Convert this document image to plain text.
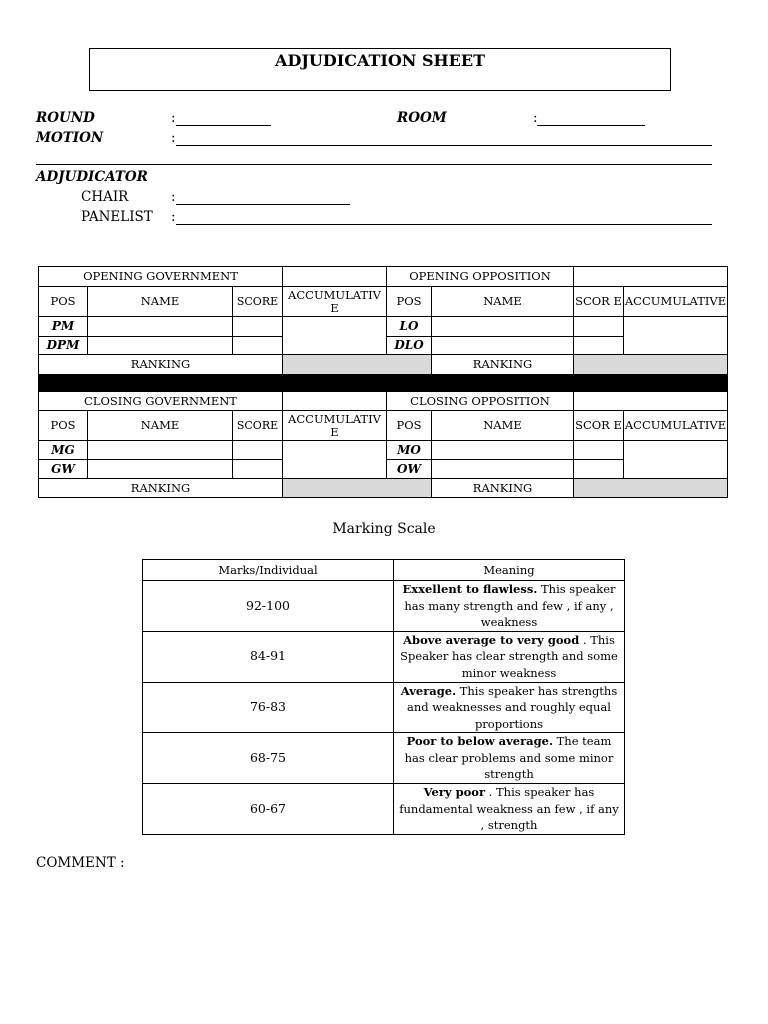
ADJUDICATION SHEET
ROUND	:	ROOM	:
MOTION	:
ADJUDICATOR
CHAIR	:
PANELIST :
OPENING GOVERNMENT				OPENING OPPOSITION			
POS	NAME	SCORE	ACCUMULATIV E	POS	NAME	SCOR E	ACCUMULATIVE
PM				LO			
DPM				DLO			
RANKING					RANKING		

CLOSING GOVERNMENT				CLOSING OPPOSITION			
POS	NAME	SCORE	ACCUMULATIV E	POS	NAME	SCOR E	ACCUMULATIVE
MG				MO			
GW				OW			
RANKING					RANKING		
Marking Scale
Marks/Individual	Meaning
92-100	Exxellent to flawless. This speaker has many strength and few , if any , weakness
84-91	Above average to very good . This Speaker has clear strength and some minor weakness
76-83	Average. This speaker has strengths and weaknesses and roughly equal proportions
68-75	Poor to below average. The team has clear problems and some minor strength
60-67	Very poor . This speaker has fundamental weakness an few , if any , strength
COMMENT :
